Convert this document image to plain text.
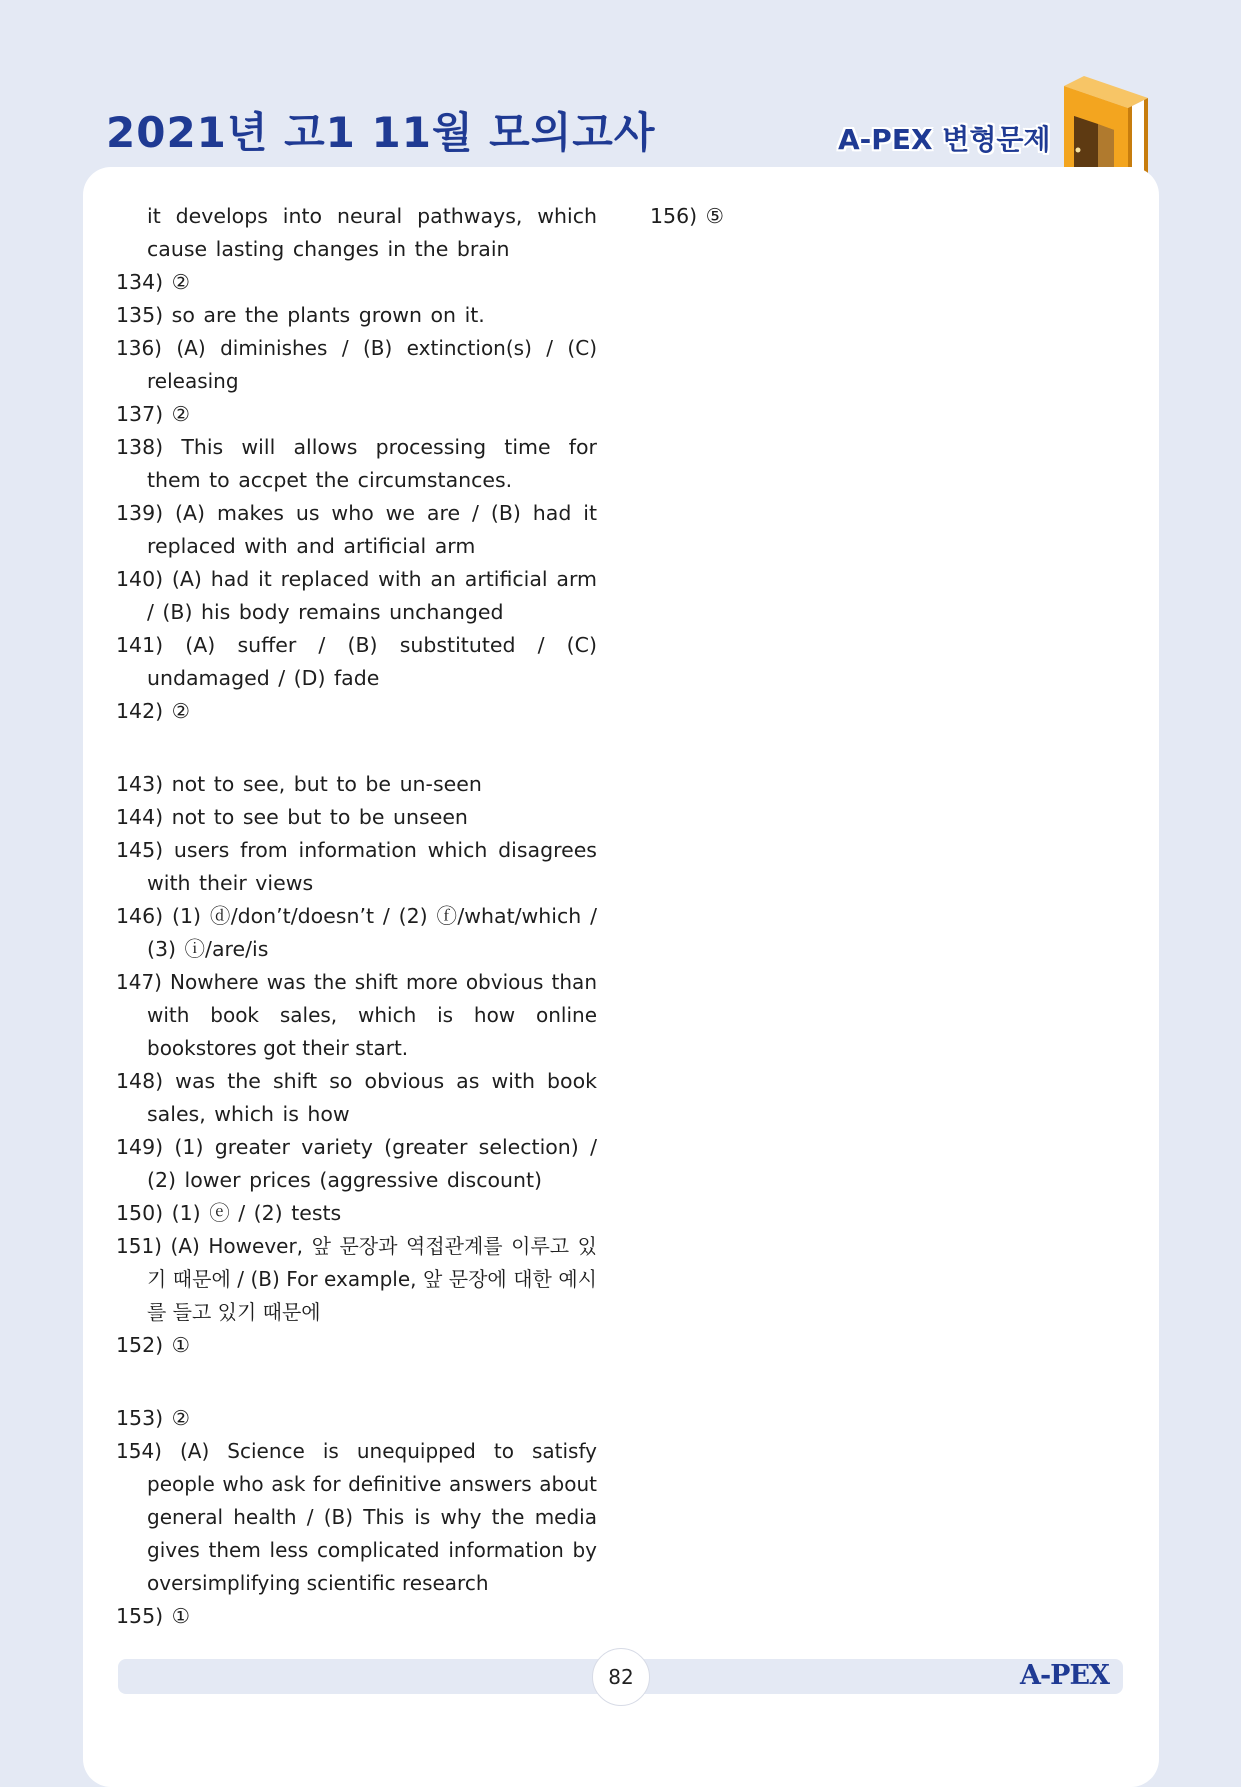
2021년 고1 11월 모의고사	A-PEX 변형문제
it develops into neural pathways, which cause lasting changes in the brain
134) ②
135) so are the plants grown on it.
136) (A) diminishes / (B) extinction(s) / (C) releasing
137) ②
138) This will allows processing time for them to accpet the circumstances.
139) (A) makes us who we are / (B) had it replaced with and artificial arm
140) (A) had it replaced with an artificial arm / (B) his body remains unchanged
141) (A) suffer / (B) substituted / (C) undamaged / (D) fade
142) ②
143) not to see, but to be un-seen
144) not to see but to be unseen
145) users from information which disagrees with their views
146) (1) ⓓ/don’t/doesn’t / (2) ⓕ/what/which / (3) ⓘ/are/is
147) Nowhere was the shift more obvious than with book sales, which is how online bookstores got their start.
148) was the shift so obvious as with book sales, which is how
149) (1) greater variety (greater selection) / (2) lower prices (aggressive discount)
150) (1) ⓔ / (2) tests
151) (A) However, 앞 문장과 역접관계를 이루고 있기 때문에 / (B) For example, 앞 문장에 대한 예시를 들고 있기 때문에
152) ①
153) ②
154) (A) Science is unequipped to satisfy people who ask for definitive answers about general health / (B) This is why the media gives them less complicated information by oversimplifying scientific research
155) ①
156) ⑤
82	A-PEX
